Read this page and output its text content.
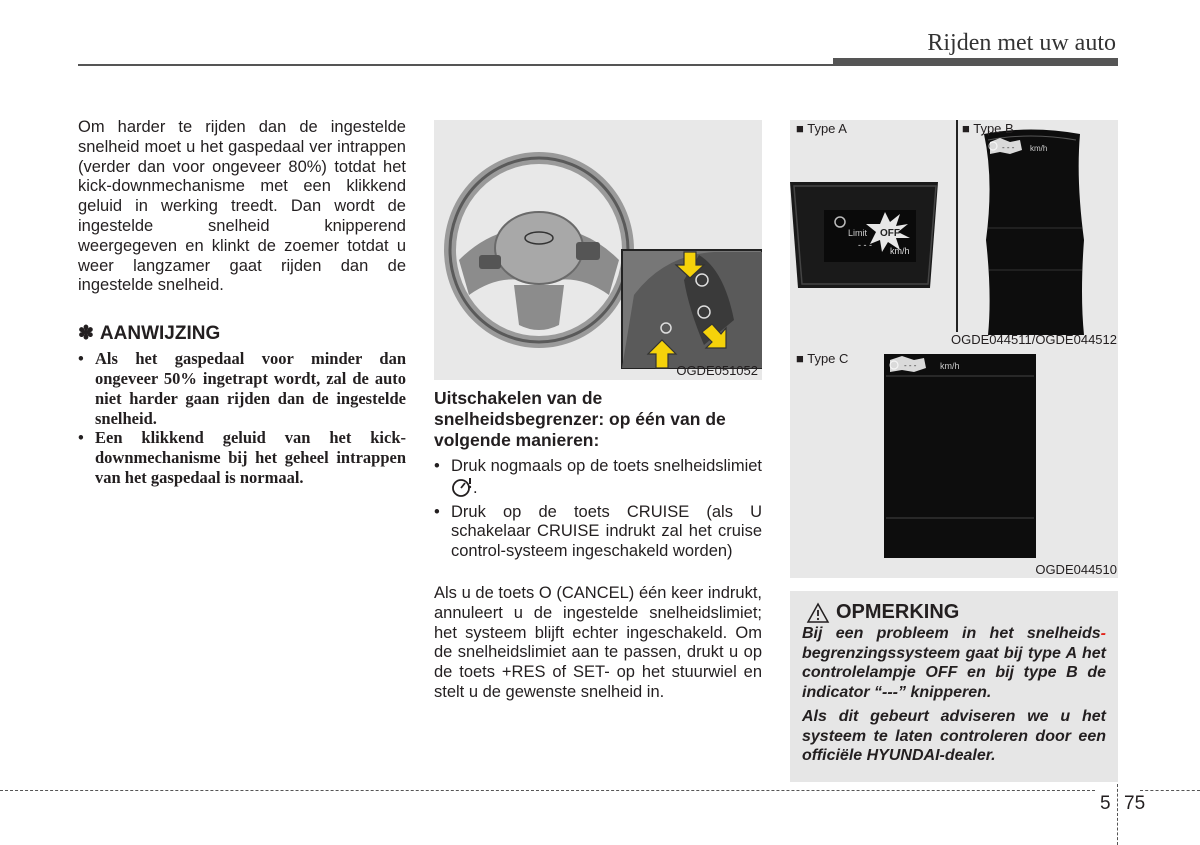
Rijden met uw auto

Om harder te rijden dan de ingestelde snelheid moet u het gaspedaal ver intrappen (verder dan voor ongeveer 80%) totdat het kick-downmechanisme met een klikkend geluid in werking treedt. Dan wordt de ingestelde snelheid knipperend weergegeven en klinkt de zoemer totdat u weer langzamer gaat rijden dan de ingestelde snelheid.

✽ AANWIJZING
• Als het gaspedaal voor minder dan ongeveer 50% ingetrapt wordt, zal de auto niet harder gaan rijden dan de ingestelde snelheid.
• Een klikkend geluid van het kick-downmechanisme bij het geheel intrappen van het gaspedaal is normaal.
OGDE051052
Uitschakelen van de snelheidsbegrenzer: op één van de volgende manieren:
• Druk nogmaals op de toets snelheidslimiet .
• Druk op de toets CRUISE (als U schakelaar CRUISE indrukt zal het cruise control-systeem ingeschakeld worden)

Als u de toets O (CANCEL) één keer indrukt, annuleert u de ingestelde snelheidslimiet; het systeem blijft echter ingeschakeld. Om de snelheidslimiet aan te passen, drukt u op de toets +RES of SET- op het stuurwiel en stelt u de gewenste snelheid in.

Limit OFF
- - -
km/h
- - - km/h
■ Type A	■ Type B
OGDE044511/OGDE044512
- - -	km/h
■ Type C
OGDE044510
OPMERKING

Bij een probleem in het snelheids- begrenzingssysteem gaat bij type A het controlelampje OFF en bij type B de indicator “---” knipperen.

Als dit gebeurt adviseren we u het systeem te laten controleren door een officiële HYUNDAI-dealer.

5 75
